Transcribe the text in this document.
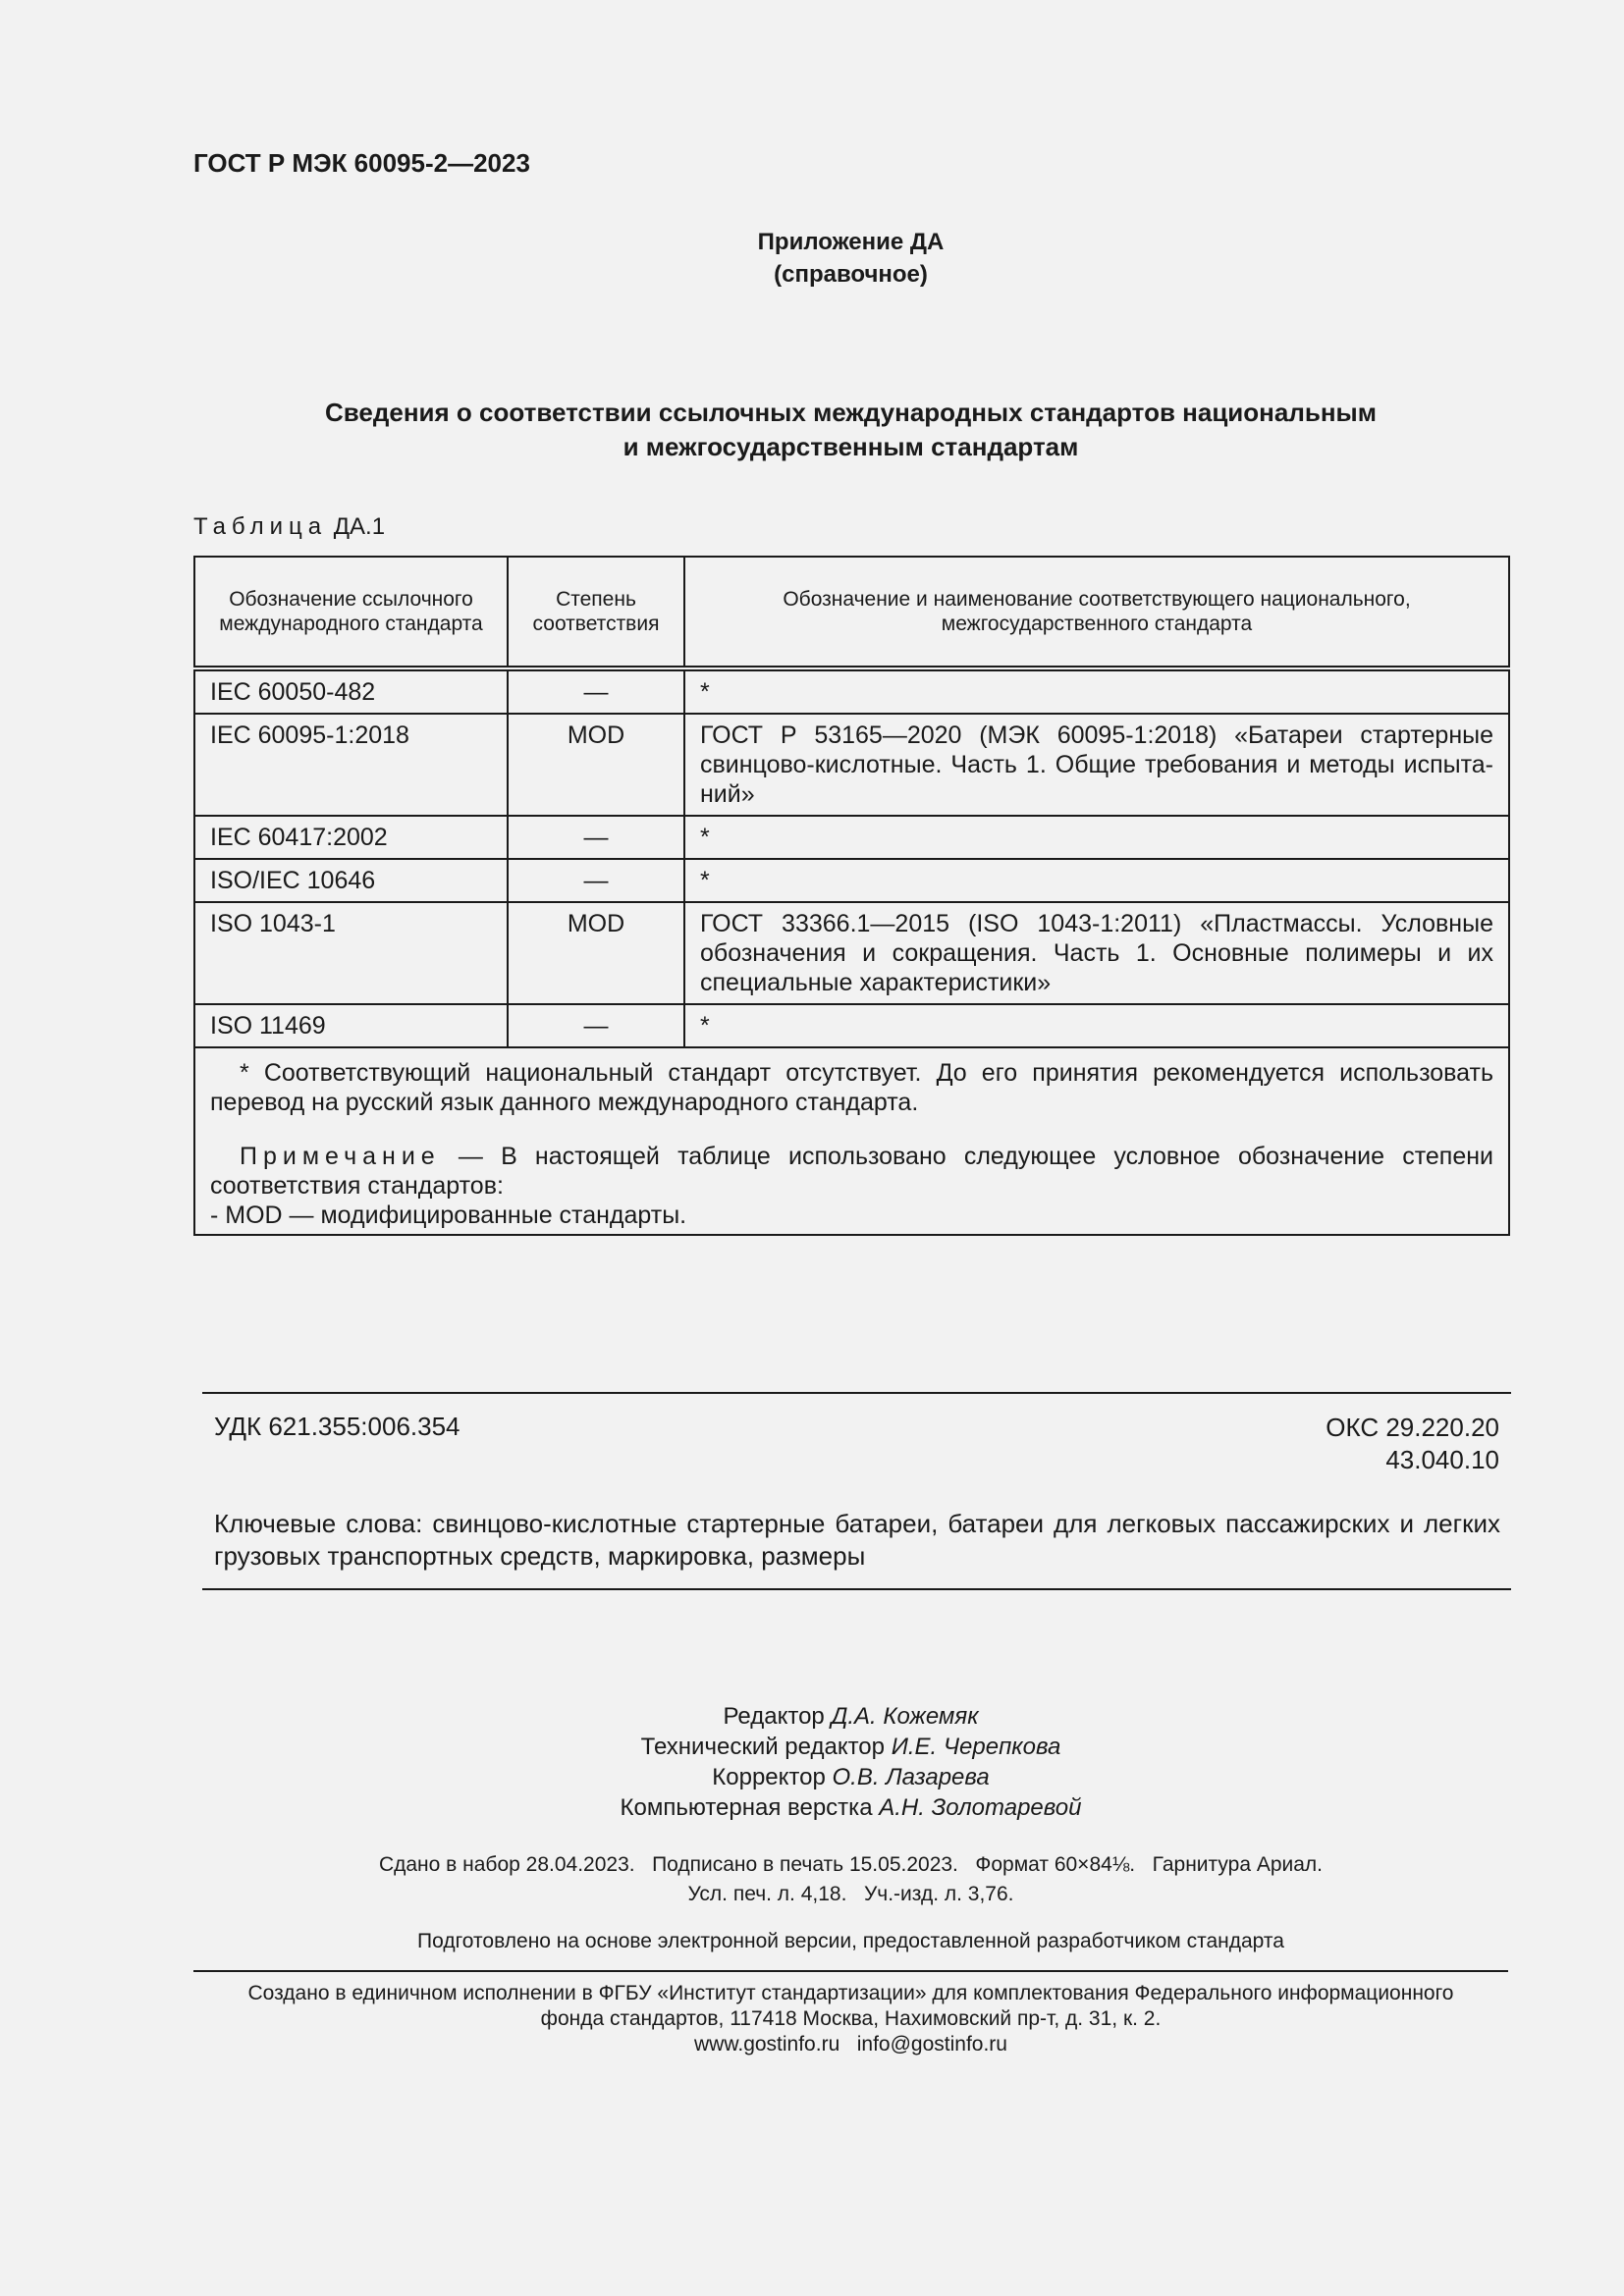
ГОСТ Р МЭК 60095-2—2023
Приложение ДА
(справочное)
Сведения о соответствии ссылочных международных стандартов национальным
и межгосударственным стандартам
Таблица ДА.1
Обозначение ссылочного международного стандарта	Степень соответствия	Обозначение и наименование соответствующего национального, межгосударственного стандарта
IEC 60050-482	—	*
IEC 60095-1:2018	MOD	ГОСТ Р 53165—2020 (МЭК 60095-1:2018) «Батареи стартерные свинцово-кислотные. Часть 1. Общие требования и методы испыта-ний»
IEC 60417:2002	—	*
ISO/IEC 10646	—	*
ISO 1043-1	MOD	ГОСТ 33366.1—2015 (ISO 1043-1:2011) «Пластмассы. Условные обозначения и сокращения. Часть 1. Основные полимеры и их специальные характеристики»
ISO 11469	—	*

* Соответствующий национальный стандарт отсутствует. До его принятия рекомендуется использовать перевод на русский язык данного международного стандарта.
Примечание — В настоящей таблице использовано следующее условное обозначение степени соответствия стандартов:
- MOD — модифицированные стандарты.		
УДК 621.355:006.354	ОКС 29.220.20
43.040.10
Ключевые слова: свинцово-кислотные стартерные батареи, батареи для легковых пассажирских и легких грузовых транспортных средств, маркировка, размеры
Редактор Д.А. Кожемяк
Технический редактор И.Е. Черепкова
Корректор О.В. Лазарева
Компьютерная верстка А.Н. Золотаревой
Сдано в набор 28.04.2023.   Подписано в печать 15.05.2023.   Формат 60×84⅛.   Гарнитура Ариал.
Усл. печ. л. 4,18.   Уч.-изд. л. 3,76.
Подготовлено на основе электронной версии, предоставленной разработчиком стандарта
Создано в единичном исполнении в ФГБУ «Институт стандартизации» для комплектования Федерального информационного
фонда стандартов, 117418 Москва, Нахимовский пр-т, д. 31, к. 2.
www.gostinfo.ru   info@gostinfo.ru
